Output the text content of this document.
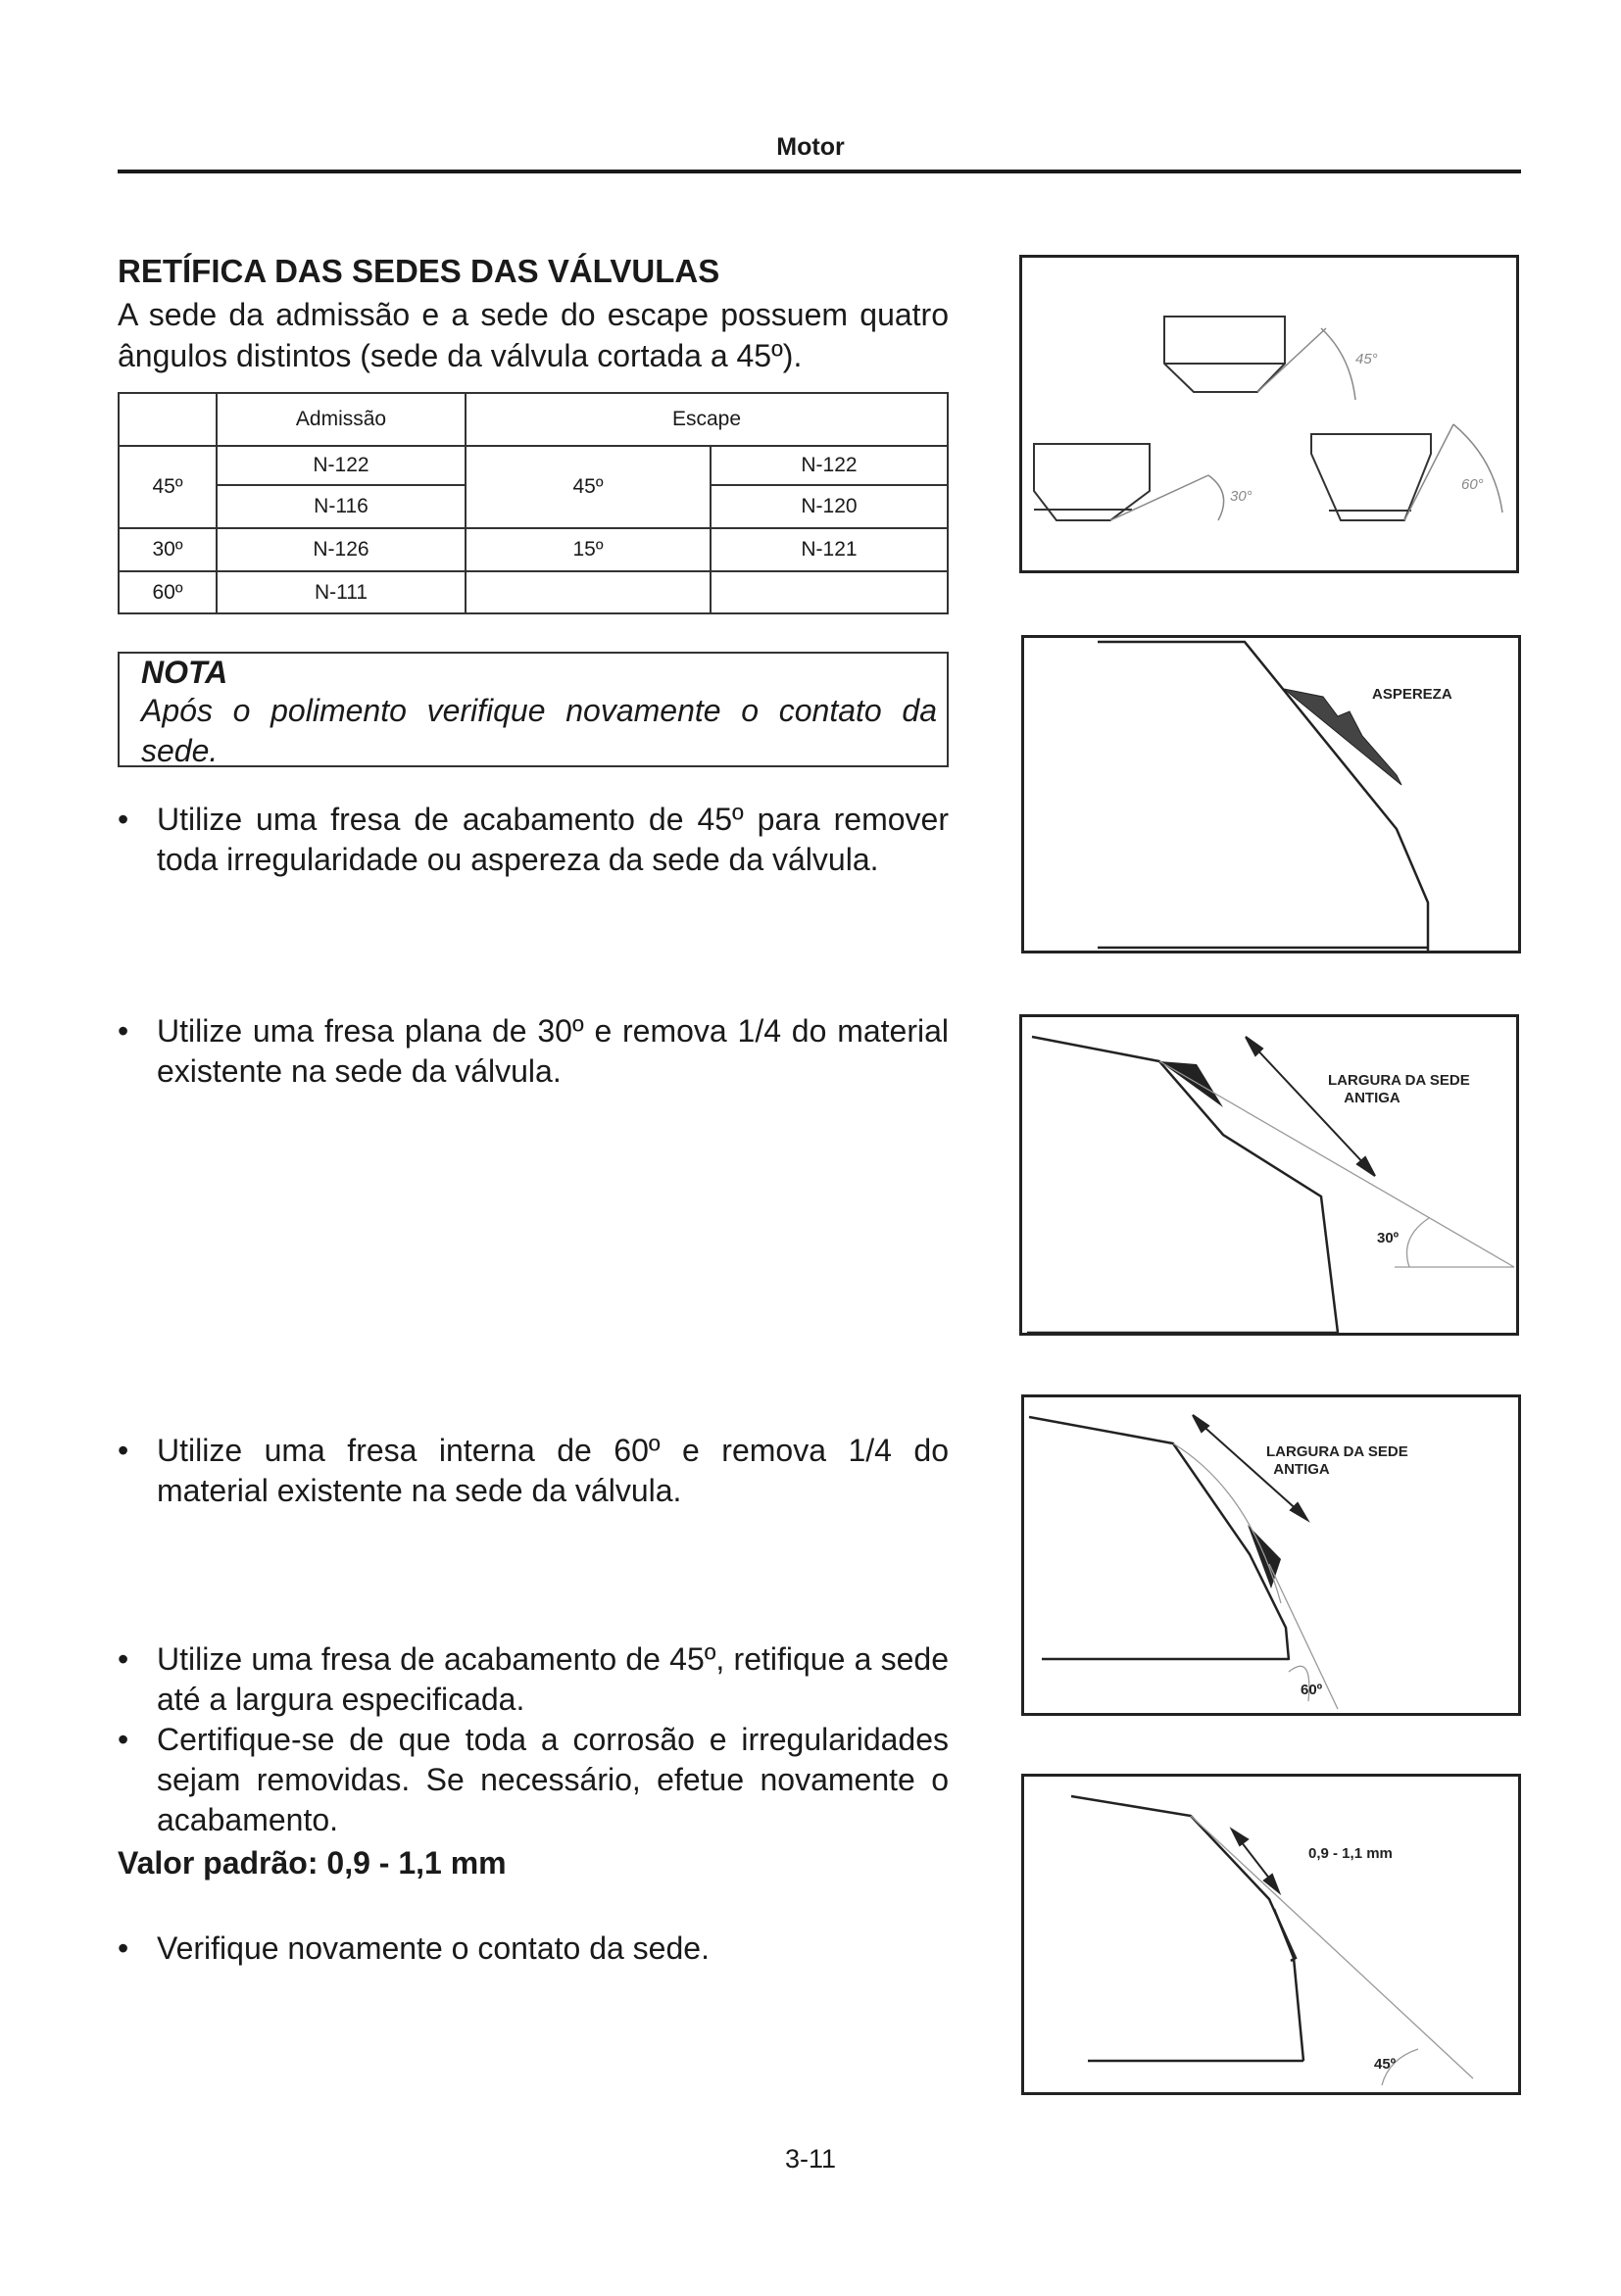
Motor
RETÍFICA DAS SEDES DAS VÁLVULAS
A sede da admissão e a sede do escape possuem quatro ângulos distintos (sede da válvula cortada a 45º).
	Admissão	Escape	
45º	N-122	45º	N-122
	N-116		N-120
30º	N-126	15º	N-121
60º	N-111		
NOTA
Após o polimento verifique novamente o contato da sede.
• Utilize uma fresa de acabamento de 45º para remover toda irregularidade ou aspereza da sede da válvula.
• Utilize uma fresa plana de 30º e remova 1/4 do material existente na sede da válvula.
• Utilize uma fresa interna de 60º e remova 1/4 do material existente na sede da válvula.
• Utilize uma fresa de acabamento de 45º, retifique a sede até a largura especificada.
• Certifique-se de que toda a corrosão e irregularidades sejam removidas. Se necessário, efetue novamente o acabamento.
Valor padrão: 0,9 - 1,1 mm
• Verifique novamente o contato da sede.
45°
30°
60°
ASPEREZA
LARGURA DA SEDE
ANTIGA
30º
LARGURA DA SEDE
ANTIGA
60º
0,9 - 1,1 mm
45º
3-11
